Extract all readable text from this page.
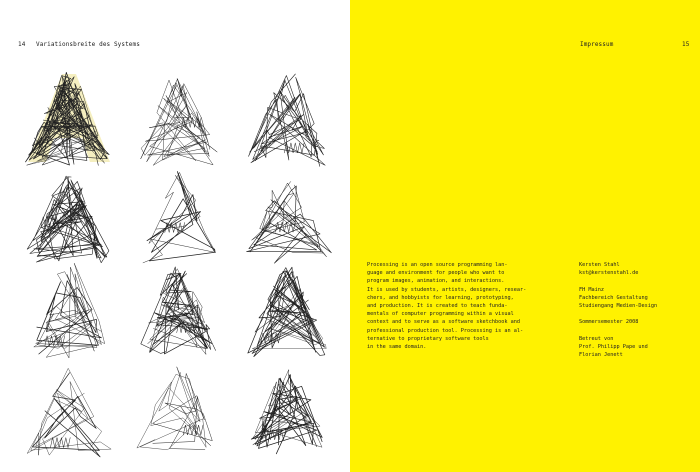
14 Variationsbreite des Systems	Impressum	15
Processing is an open source programming lan-
guage and environment for people who want to
program images, animation, and interactions.
It is used by students, artists, designers, resear-
chers, and hobbyists for learning, prototyping,
and production. It is created to teach funda-
mentals of computer programming within a visual
context and to serve as a software sketchbook and
professional production tool. Processing is an al-
ternative to proprietary software tools
in the same domain.
Kersten Stahl
kst@kerstenstahl.de
FH Mainz
Fachbereich Gestaltung
Studiengang Medien-Design
Sommersemester 2008
Betreut von
Prof. Philipp Pape und
Florian Jenett
